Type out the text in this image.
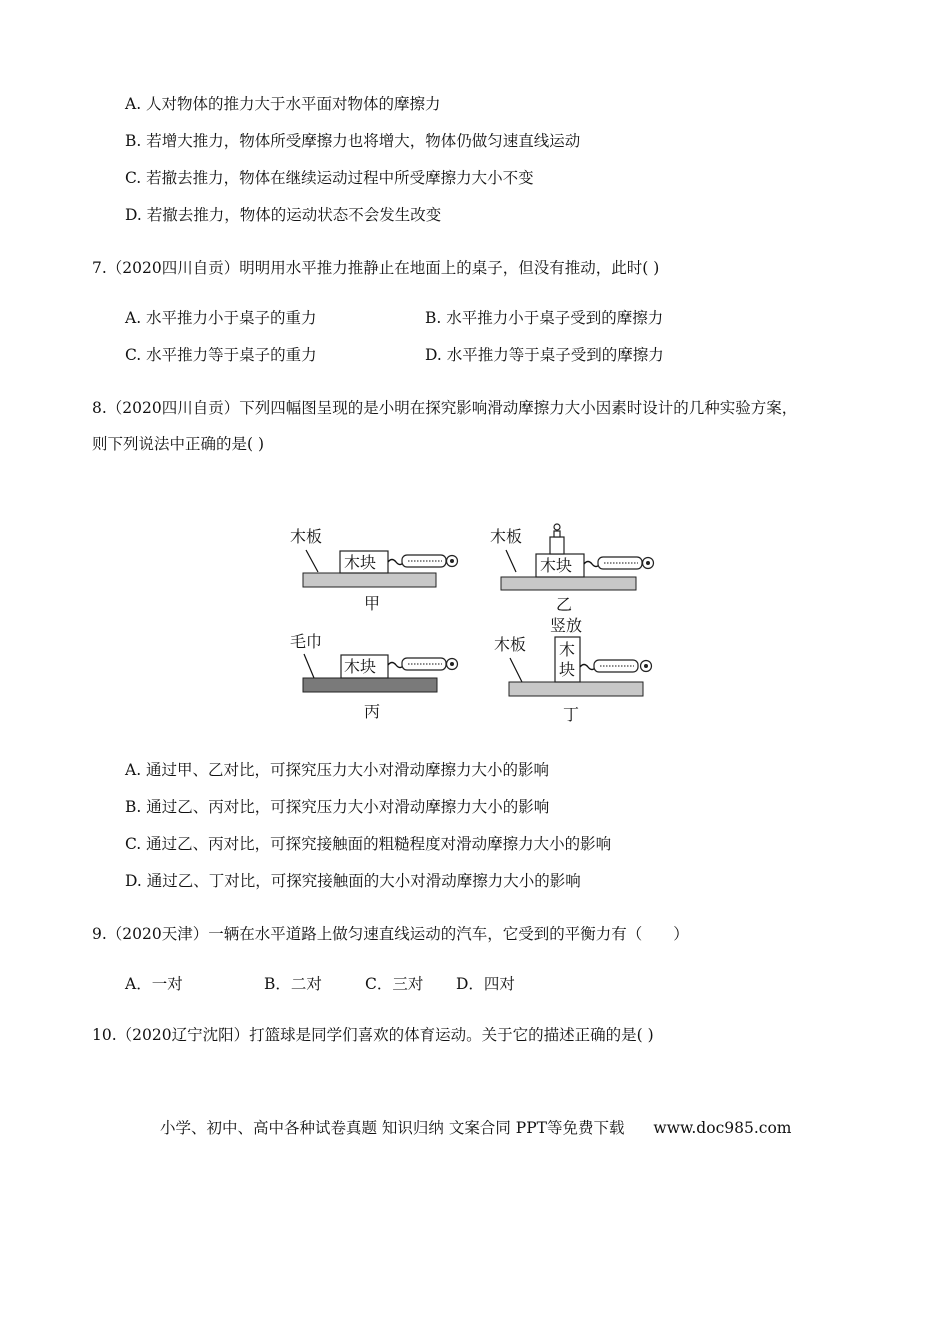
A. 人对物体的推力大于水平面对物体的摩擦力
B. 若增大推力，物体所受摩擦力也将增大，物体仍做匀速直线运动
C. 若撤去推力，物体在继续运动过程中所受摩擦力大小不变
D. 若撤去推力，物体的运动状态不会发生改变
7.（2020四川自贡）明明用水平推力推静止在地面上的桌子，但没有推动，此时( )
A. 水平推力小于桌子的重力	B. 水平推力小于桌子受到的摩擦力
C. 水平推力等于桌子的重力	D. 水平推力等于桌子受到的摩擦力
8.（2020四川自贡）下列四幅图呈现的是小明在探究影响滑动摩擦力大小因素时设计的几种实验方案，
则下列说法中正确的是( )
木板
木块
甲
木板
木块
乙
竖放
毛巾
木块
丙
木板 木
块
丁
A. 通过甲、乙对比，可探究压力大小对滑动摩擦力大小的影响
B. 通过乙、丙对比，可探究压力大小对滑动摩擦力大小的影响
C. 通过乙、丙对比，可探究接触面的粗糙程度对滑动摩擦力大小的影响
D. 通过乙、丁对比，可探究接触面的大小对滑动摩擦力大小的影响
9.（2020天津）一辆在水平道路上做匀速直线运动的汽车，它受到的平衡力有（　　）
A．一对	B．二对	C．三对 D．四对
10.（2020辽宁沈阳）打篮球是同学们喜欢的体育运动。关于它的描述正确的是( )
小学、初中、高中各种试卷真题 知识归纳 文案合同 PPT等免费下载 www.doc985.com
